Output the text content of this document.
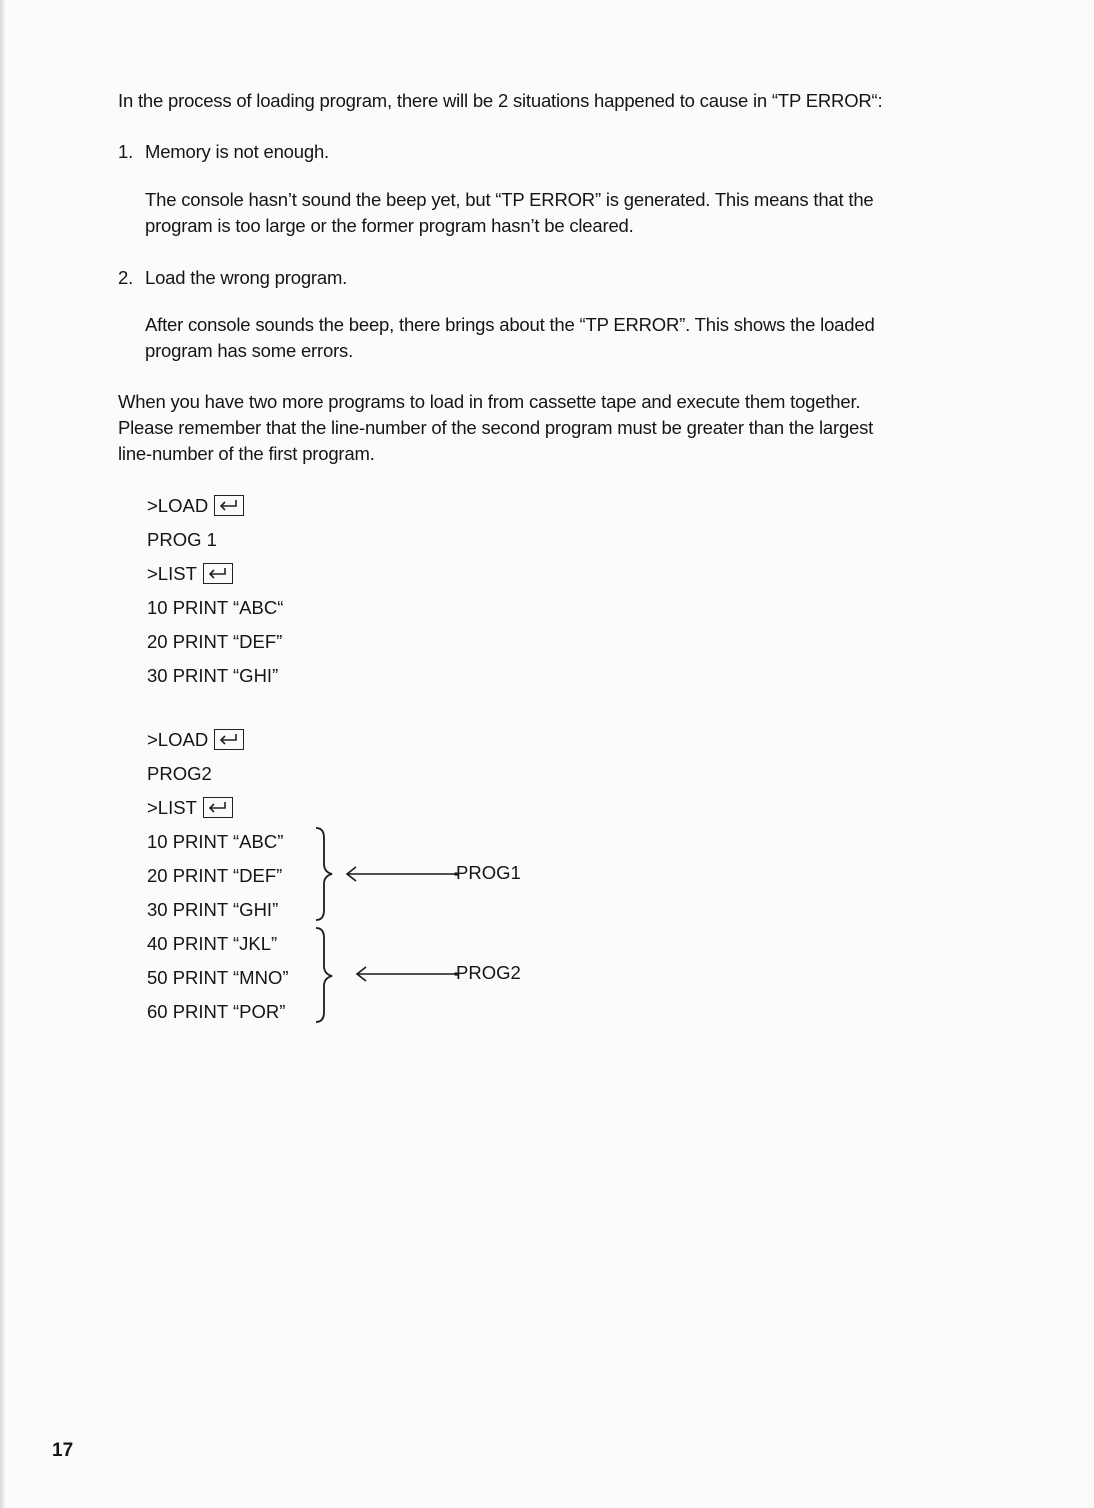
In the process of loading program, there will be 2 situations happened to cause in “TP ERROR“:

1. Memory is not enough.

The console hasn’t sound the beep yet, but “TP ERROR” is generated. This means that the

program is too large or the former program hasn’t be cleared.

2. Load the wrong program.

After console sounds the beep, there brings about the “TP ERROR”. This shows the loaded

program has some errors.

When you have two more programs to load in from cassette tape and execute them together.

Please remember that the line-number of the second program must be greater than the largest

line-number of the first program.

>LOAD
PROG 1
>LIST
10 PRINT “ABC“
20 PRINT “DEF”
30 PRINT “GHI”
>LOAD
PROG2
>LIST
10 PRINT “ABC”
20 PRINT “DEF”
30 PRINT “GHI”
40 PRINT “JKL”
50 PRINT “MNO”
60 PRINT “POR”
PROG1
PROG2
17
